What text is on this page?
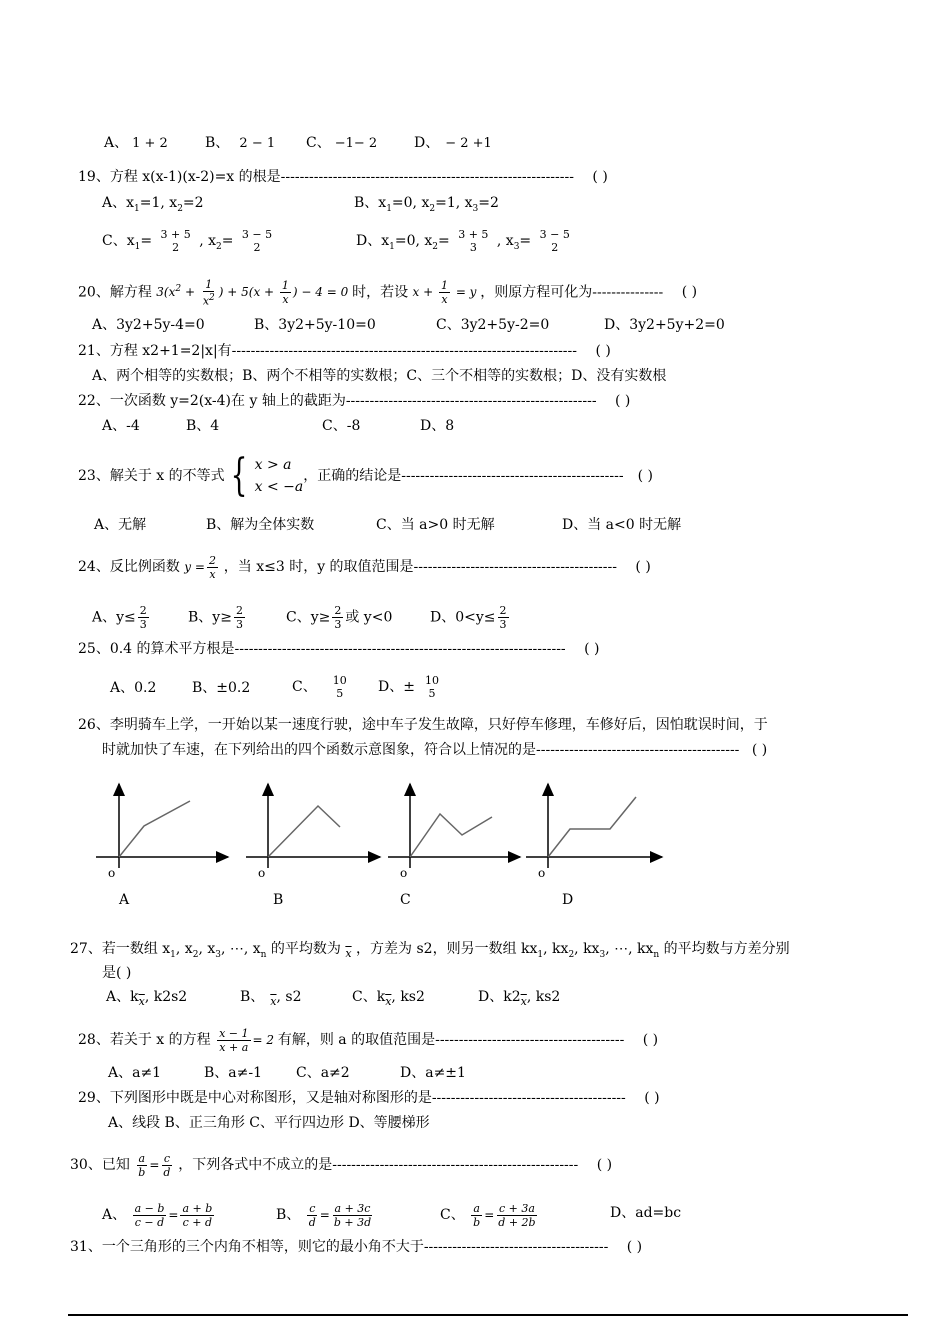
A、 1 + 2	B、 2 − 1 C、 −1− 2	D、 − 2 +1
19、方程 x(x-1)(x-2)=x 的根是-------------------------------------------------------------- ( )
A、$x_1=1$, $x_2=2$	B、$x_1=0$, $x_2=1$, $x_3=2$
C、$x_1= 3 + 5$
2 , $x_2= 3 - 5$
2	D、$x_1=0$, $x_2= 3 + 5$
3 , $x_3= 3 - 5$
2
20、解方程 $3(x^2 + \frac{1}{x^2}$ ) + $5(x + \frac{1}{x}$ ) − 4 = 0 时，若设 $x + \frac{1}{x} = y$ ，则原方程可化为--------------- ( )
A、3y2+5y-4=0	B、3y2+5y-10=0	C、3y2+5y-2=0	D、3y2+5y+2=0
21、方程 x2+1=2|x|有------------------------------------------------------------------------- ( )
A、两个相等的实数根；B、两个不相等的实数根；C、三个不相等的实数根；D、没有实数根
22、一次函数 y=2(x-4)在 y 轴上的截距为----------------------------------------------------- ( )
A、-4	B、4	C、-8	D、8
23、解关于 x 的不等式 { x > a
x < −a
，正确的结论是----------------------------------------------- ( )
A、无解	B、解为全体实数	C、当 a>0 时无解	D、当 a<0 时无解
24、反比例函数 $y = \frac{2}{x}$ ，当 x≤3 时，y 的取值范围是------------------------------------------- ( )
A、$y\le \frac{2}{3}$	B、$y\ge \frac{2}{3}$	C、$y\ge \frac{2}{3}$ 或 y<0	D、$0<y\le \frac{2}{3}$
25、0.4 的算术平方根是---------------------------------------------------------------------- ( )
A、0.2	B、±0.2	C、 10
5 D、± 10
5
26、李明骑车上学，一开始以某一速度行驶，途中车子发生故障，只好停车修理，车修好后，因怕耽误时间，于
时就加快了车速，在下列给出的四个函数示意图象，符合以上情况的是------------------------------------------- ( )
o
A
o
B
o
C
o
D
27、若一数组 $x_1$, $x_2$, $x_3$, ⋯, $x_n$ 的平均数为 $_{\overline{x}}$ ，方差为 s2，则另一数组 $kx_1$, $kx_2$, $kx_3$, ⋯, $kx_n$ 的平均数与方差分别
是( )
A、$k_{\overline{x}}$, k2s2	B、 $_{\overline{x}}$, s2	C、$k_{\overline{x}}$, ks2	D、$k2_{\overline{x}}$, ks2
28、若关于 x 的方程 $\frac{x - 1}{x + a} = 2$ 有解，则 a 的取值范围是---------------------------------------- ( )
A、a≠1	B、a≠-1 C、a≠2	D、a≠±1
29、下列图形中既是中心对称图形，又是轴对称图形的是----------------------------------------- ( )
A、线段 B、正三角形 C、平行四边形 D、等腰梯形
30、已知 $\frac{a}{b} = \frac{c}{d}$ ，下列各式中不成立的是---------------------------------------------------- ( )
A、 $\frac{a - b}{c - d} = \frac{a + b}{c + d}$	B、 $\frac{c}{d} = \frac{a + 3c}{b + 3d}$	C、 $\frac{a}{b} = \frac{c + 3a}{d + 2b}$	D、ad=bc
31、一个三角形的三个内角不相等，则它的最小角不大于--------------------------------------- ( )
